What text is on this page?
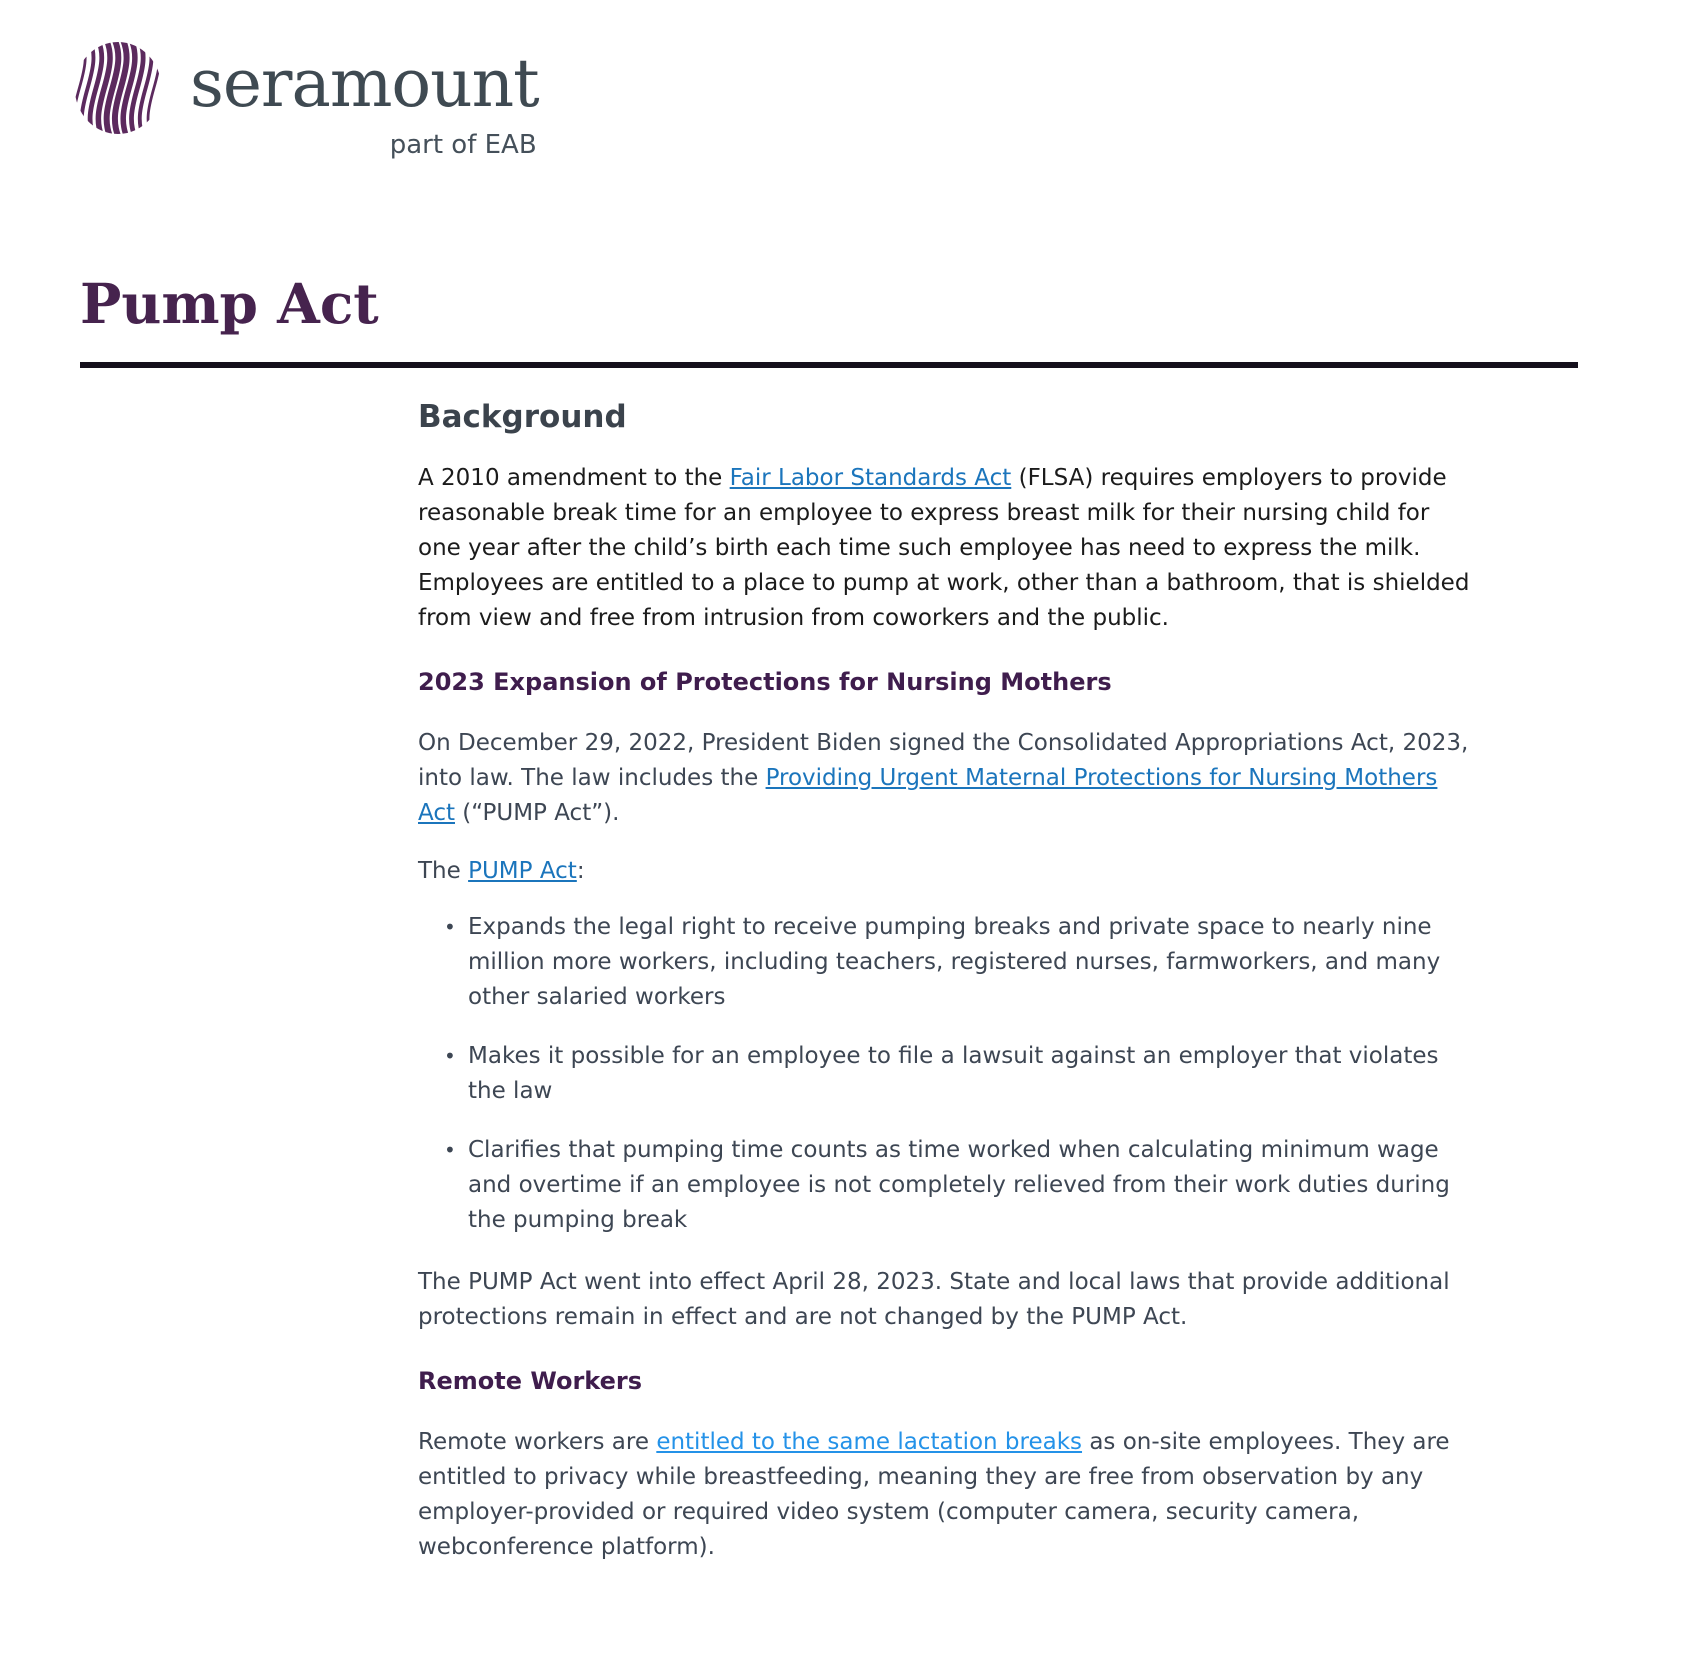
seramount
part of EAB
Pump Act
Background

A 2010 amendment to the Fair Labor Standards Act (FLSA) requires employers to provide reasonable break time for an employee to express breast milk for their nursing child for one year after the child’s birth each time such employee has need to express the milk. Employees are entitled to a place to pump at work, other than a bathroom, that is shielded from view and free from intrusion from coworkers and the public.

2023 Expansion of Protections for Nursing Mothers

On December 29, 2022, President Biden signed the Consolidated Appropriations Act, 2023, into law. The law includes the Providing Urgent Maternal Protections for Nursing Mothers Act (“PUMP Act”).

The PUMP Act:

• Expands the legal right to receive pumping breaks and private space to nearly nine million more workers, including teachers, registered nurses, farmworkers, and many other salaried workers
• Makes it possible for an employee to file a lawsuit against an employer that violates the law
• Clarifies that pumping time counts as time worked when calculating minimum wage and overtime if an employee is not completely relieved from their work duties during the pumping break

The PUMP Act went into effect April 28, 2023. State and local laws that provide additional protections remain in effect and are not changed by the PUMP Act.

Remote Workers

Remote workers are entitled to the same lactation breaks as on-site employees. They are entitled to privacy while breastfeeding, meaning they are free from observation by any employer-provided or required video system (computer camera, security camera, webconference platform).
